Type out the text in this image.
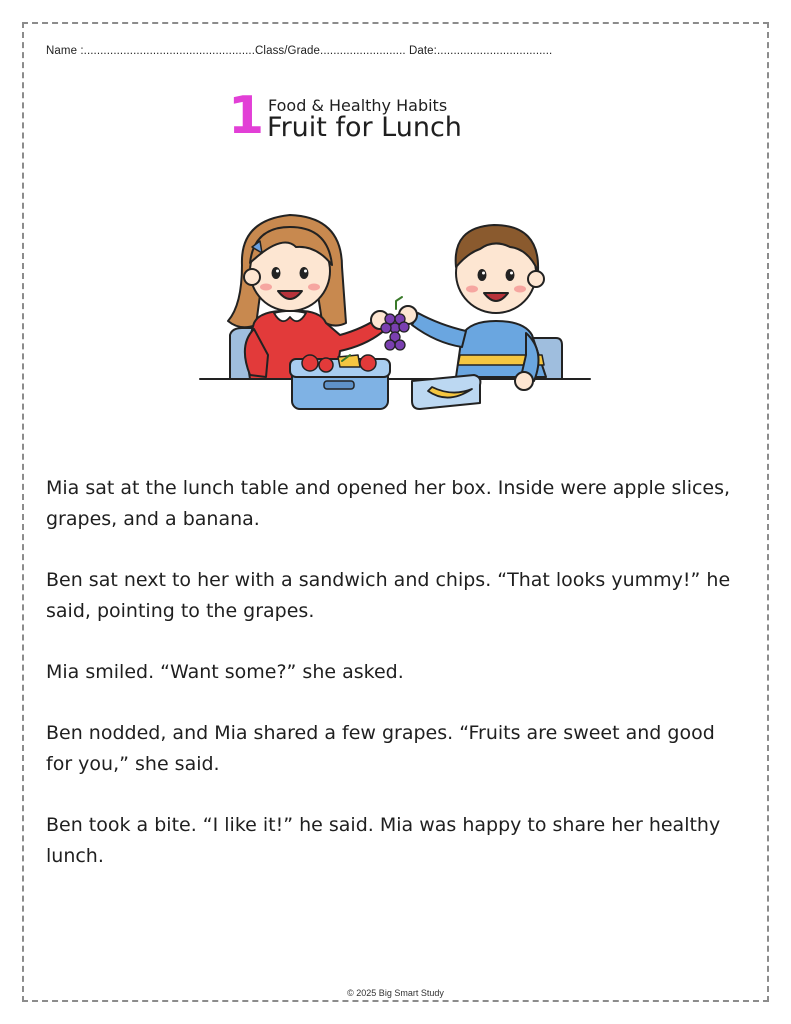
Name :....................................................Class/Grade.......................... Date:...................................
1 Food & Healthy Habits
Fruit for Lunch

Mia sat at the lunch table and opened her box. Inside were apple slices, grapes, and a banana.

Ben sat next to her with a sandwich and chips. “That looks yummy!” he said, pointing to the grapes.

Mia smiled. “Want some?” she asked.

Ben nodded, and Mia shared a few grapes. “Fruits are sweet and good for you,” she said.

Ben took a bite. “I like it!” he said. Mia was happy to share her healthy lunch.

© 2025 Big Smart Study
